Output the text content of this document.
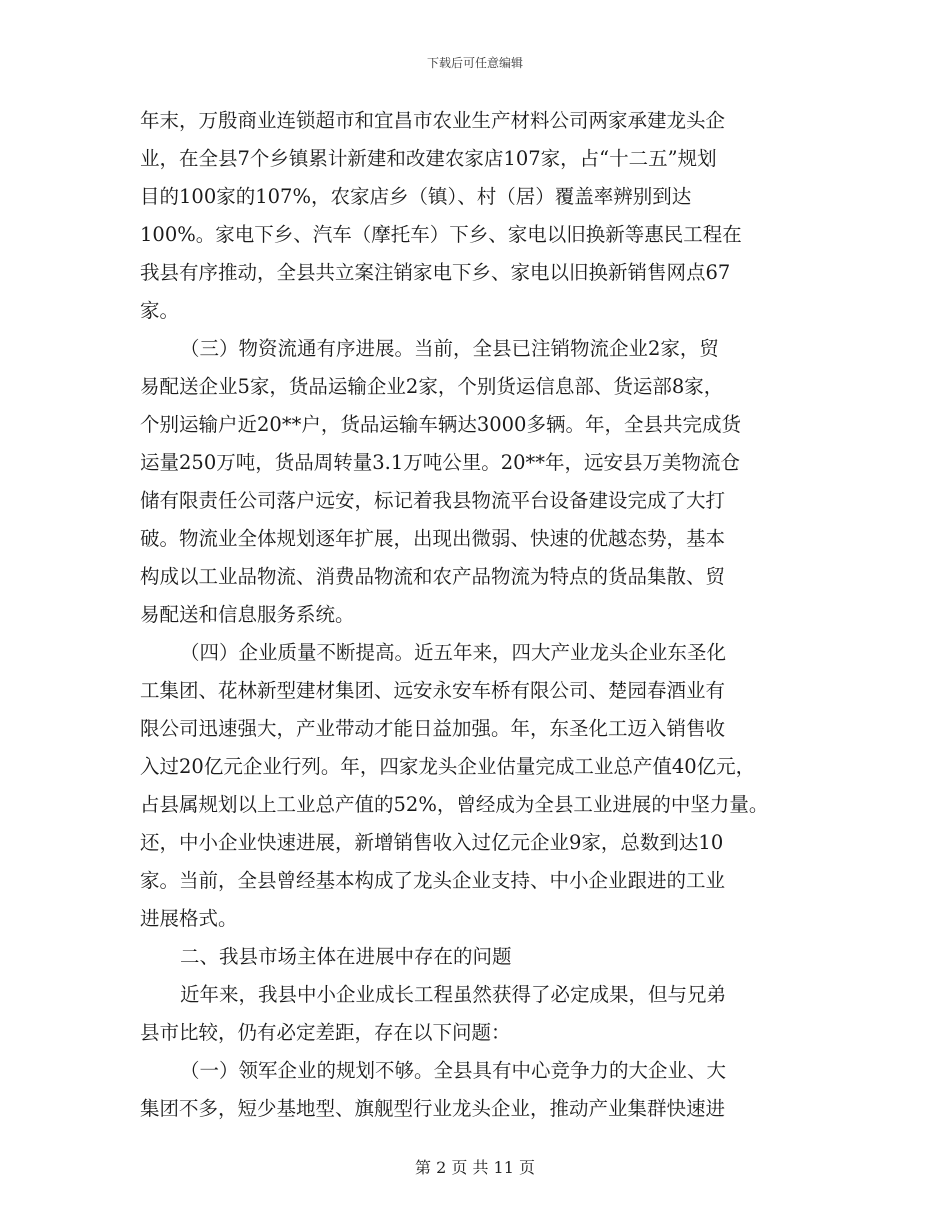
下载后可任意编辑
年末，万殷商业连锁超市和宜昌市农业生产材料公司两家承建龙头企
业，在全县7个乡镇累计新建和改建农家店107家，占“十二五”规划
目的100家的107%，农家店乡（镇）、村（居）覆盖率辨别到达
100%。家电下乡、汽车（摩托车）下乡、家电以旧换新等惠民工程在
我县有序推动，全县共立案注销家电下乡、家电以旧换新销售网点67
家。
（三）物资流通有序进展。当前，全县已注销物流企业2家，贸
易配送企业5家，货品运输企业2家，个别货运信息部、货运部8家，
个别运输户近20**户，货品运输车辆达3000多辆。年，全县共完成货
运量250万吨，货品周转量3.1万吨公里。20**年，远安县万美物流仓
储有限责任公司落户远安，标记着我县物流平台设备建设完成了大打
破。物流业全体规划逐年扩展，出现出微弱、快速的优越态势，基本
构成以工业品物流、消费品物流和农产品物流为特点的货品集散、贸
易配送和信息服务系统。
（四）企业质量不断提高。近五年来，四大产业龙头企业东圣化
工集团、花林新型建材集团、远安永安车桥有限公司、楚园春酒业有
限公司迅速强大，产业带动才能日益加强。年，东圣化工迈入销售收
入过20亿元企业行列。年，四家龙头企业估量完成工业总产值40亿元，
占县属规划以上工业总产值的52%，曾经成为全县工业进展的中坚力量。
还，中小企业快速进展，新增销售收入过亿元企业9家，总数到达10
家。当前，全县曾经基本构成了龙头企业支持、中小企业跟进的工业
进展格式。
二、我县市场主体在进展中存在的问题
近年来，我县中小企业成长工程虽然获得了必定成果，但与兄弟
县市比较，仍有必定差距，存在以下问题：
（一）领军企业的规划不够。全县具有中心竞争力的大企业、大
集团不多，短少基地型、旗舰型行业龙头企业，推动产业集群快速进
第 2 页 共 11 页
